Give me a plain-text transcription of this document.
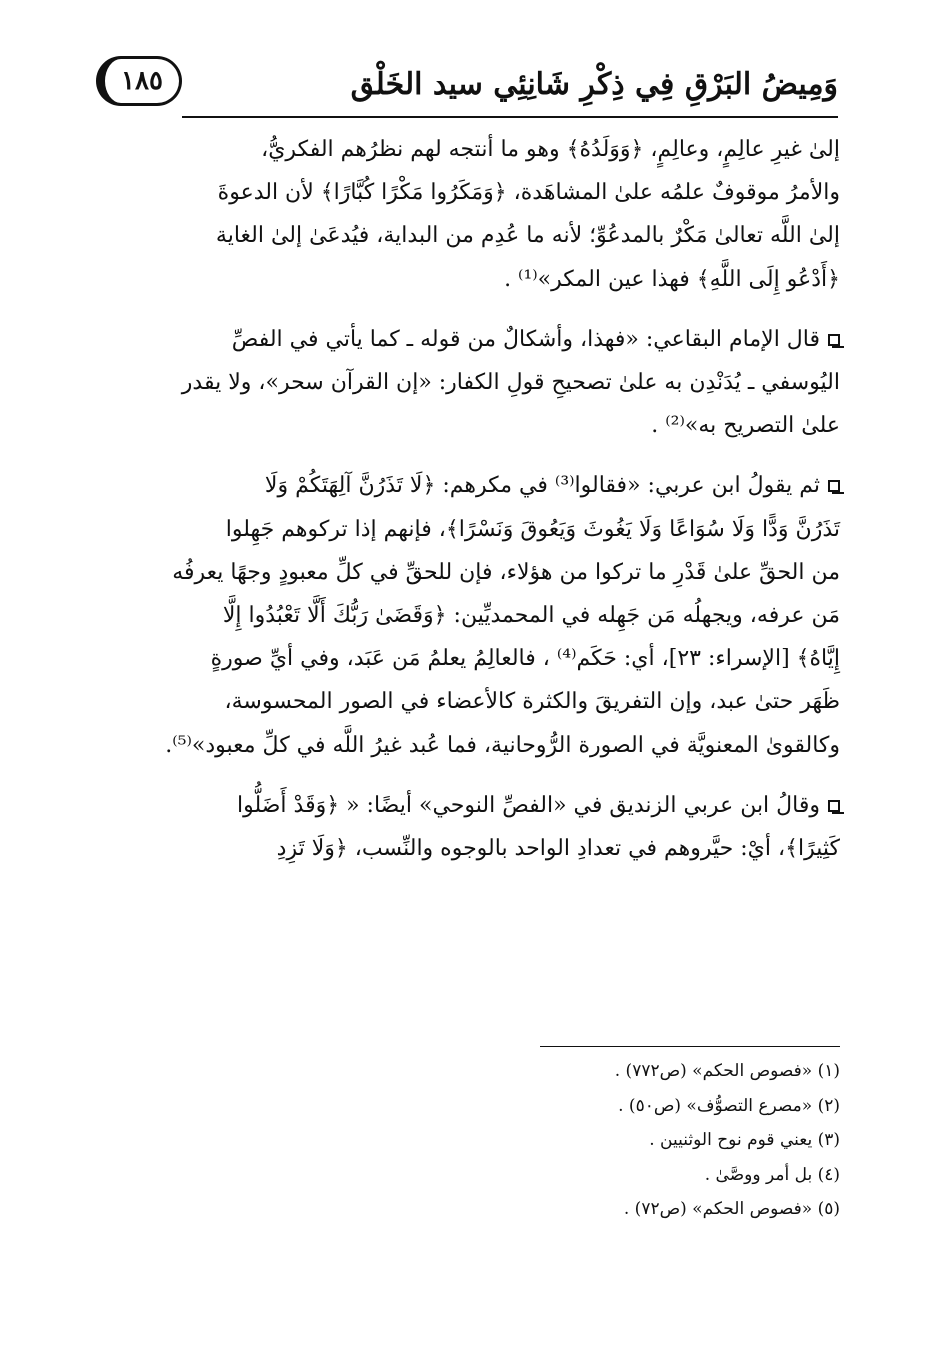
١٨٥	وَمِيضُ البَرْقِ فِي ذِكْرِ شَانِئِي سيد الخَلْق

إلىٰ غيرِ عالِمٍ، وعالِمٍ، ﴿وَوَلَدُهُ﴾ وهو ما أنتجه لهم نظرُهم الفكريُّ،

والأمرُ موقوفٌ علمُه علىٰ المشاهَدة، ﴿وَمَكَرُوا مَكْرًا كُبَّارًا﴾ لأن الدعوةَ

إلىٰ اللَّه تعالىٰ مَكْرٌ بالمدعُوِّ؛ لأنه ما عُدِم من البداية، فيُدعَىٰ إلىٰ الغاية

﴿أَدْعُو إِلَى اللَّهِ﴾ فهذا عين المكر»⁽¹⁾ .

قال الإمام البقاعي: «فهذا، وأشكالٌ من قوله ـ كما يأتي في الفصِّ

اليُوسفي ـ يُدَنْدِن به علىٰ تصحيحِ قولِ الكفار: «إن القرآن سحر»، ولا يقدر

علىٰ التصريح به»⁽²⁾ .

ثم يقولُ ابن عربي: «فقالوا⁽³⁾ في مكرهم: ﴿لَا تَذَرُنَّ آلِهَتَكُمْ وَلَا

تَذَرُنَّ وَدًّا وَلَا سُوَاعًا وَلَا يَغُوثَ وَيَعُوقَ وَنَسْرًا﴾، فإنهم إذا تركوهم جَهِلوا

من الحقِّ علىٰ قَدْرِ ما تركوا من هؤلاء، فإن للحقِّ في كلِّ معبودٍ وجهًا يعرفُه

مَن عرفه، ويجهلُه مَن جَهِله في المحمديِّين: ﴿وَقَضَىٰ رَبُّكَ أَلَّا تَعْبُدُوا إِلَّا

إِيَّاهُ﴾ [الإسراء: ٢٣]، أي: حَكَم⁽⁴⁾ ، فالعالِمُ يعلمُ مَن عَبَد، وفي أيِّ صورةٍ

ظَهَر حتىٰ عبد، وإن التفريقَ والكثرة كالأعضاء في الصور المحسوسة،

وكالقوىٰ المعنويَّة في الصورة الرُّوحانية، فما عُبد غيرُ اللَّه في كلِّ معبود»⁽⁵⁾.

وقالُ ابن عربي الزنديق في «الفصِّ النوحي» أيضًا: « ﴿وَقَدْ أَضَلُّوا

كَثِيرًا﴾، أيْ: حيَّروهم في تعدادِ الواحد بالوجوه والنِّسب، ﴿وَلَا تَزِدِ

(١) «فصوص الحكم» (ص٧٧٢) .
(٢) «مصرع التصوُّف» (ص٥٠) .
(٣) يعني قوم نوح الوثنيين .
(٤) بل أمر ووصَّىٰ .
(٥) «فصوص الحكم» (ص٧٢) .
